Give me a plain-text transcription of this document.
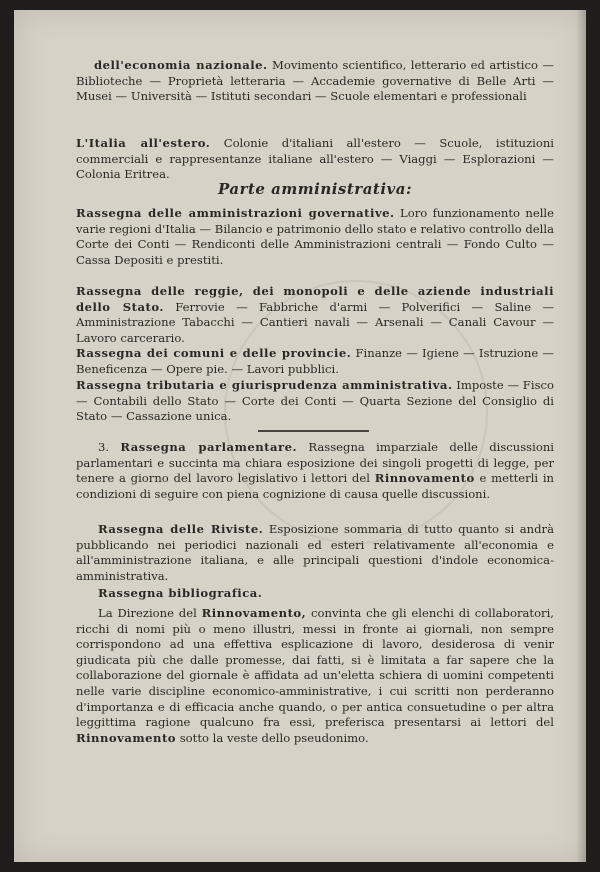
dell'economia nazionale. Movimento scientifico, letterario ed artistico — Biblioteche — Proprietà letteraria — Accademie governative di Belle Arti — Musei — Università — Istituti secondari — Scuole elementari e professionali
L'Italia all'estero. Colonie d'italiani all'estero — Scuole, istituzioni commerciali e rappresentanze italiane all'estero — Viaggi — Esplorazioni — Colonia Eritrea.
Parte amministrativa:
Rassegna delle amministrazioni governative. Loro funzionamento nelle varie regioni d'Italia — Bilancio e patrimonio dello stato e relativo controllo della Corte dei Conti — Rendiconti delle Amministrazioni centrali — Fondo Culto — Cassa Depositi e prestiti.
Rassegna delle reggie, dei monopoli e delle aziende industriali dello Stato. Ferrovie — Fabbriche d'armi — Polverifici — Saline — Amministrazione Tabacchi — Cantieri navali — Arsenali — Canali Cavour — Lavoro carcerario.
Rassegna dei comuni e delle provincie. Finanze — Igiene — Istruzione — Beneficenza — Opere pie. — Lavori pubblici.
Rassegna tributaria e giurisprudenza amministrativa. Imposte — Fisco — Contabili dello Stato — Corte dei Conti — Quarta Sezione del Consiglio di Stato — Cassazione unica.
3. Rassegna parlamentare. Rassegna imparziale delle discussioni parlamentari e succinta ma chiara esposizione dei singoli progetti di legge, per tenere a giorno del lavoro legislativo i lettori del Rinnovamento e metterli in condizioni di seguire con piena cognizione di causa quelle discussioni.
Rassegna delle Riviste. Esposizione sommaria di tutto quanto si andrà pubblicando nei periodici nazionali ed esteri relativamente all'economia e all'amministrazione italiana, e alle principali questioni d'indole economica-amministrativa.
Rassegna bibliografica.
La Direzione del Rinnovamento, convinta che gli elenchi di collaboratori, ricchi di nomi più o meno illustri, messi in fronte ai giornali, non sempre corrispondono ad una effettiva esplicazione di lavoro, desiderosa di venir giudicata più che dalle promesse, dai fatti, si è limitata a far sapere che la collaborazione del giornale è affidata ad un'eletta schiera di uomini competenti nelle varie discipline economico-amministrative, i cui scritti non perderanno d'importanza e di efficacia anche quando, o per antica consuetudine o per altra leggittima ragione qualcuno fra essi, preferisca presentarsi ai lettori del Rinnovamento sotto la veste dello pseudonimo.
